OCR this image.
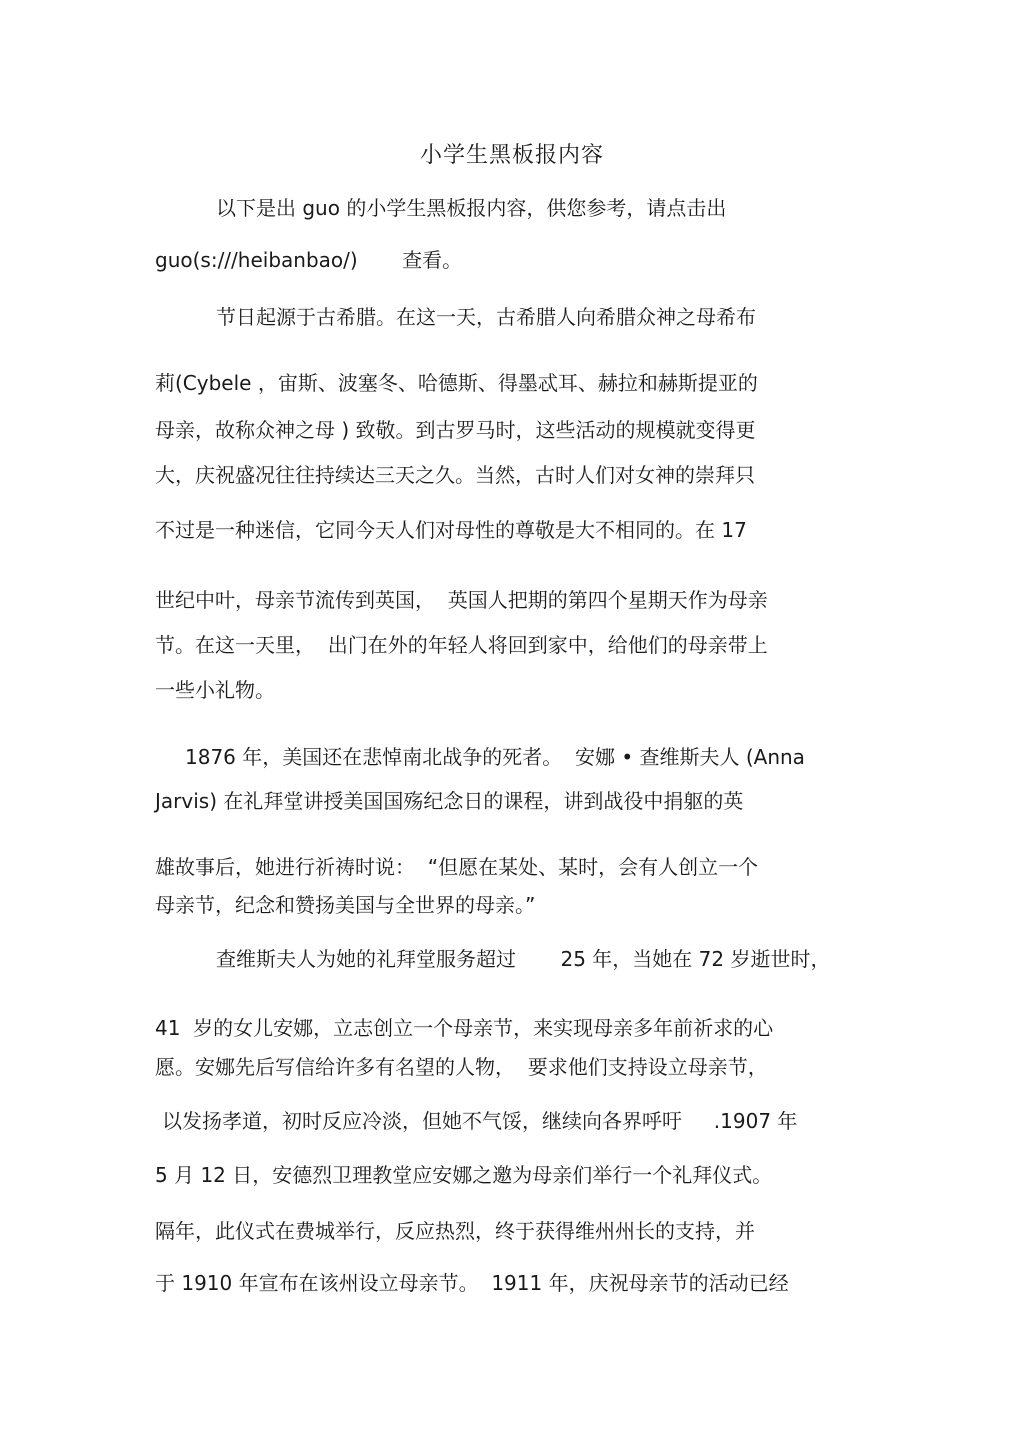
小学生黑板报内容
以下是出 guo 的小学生黑板报内容，供您参考，请点击出
guo(s:///heibanbao/)       查看。
节日起源于古希腊。在这一天，古希腊人向希腊众神之母希布
莉(Cybele ，宙斯、波塞冬、哈德斯、得墨忒耳、赫拉和赫斯提亚的
母亲，故称众神之母 ) 致敬。到古罗马时，这些活动的规模就变得更
大，庆祝盛况往往持续达三天之久。当然，古时人们对女神的崇拜只
不过是一种迷信，它同今天人们对母性的尊敬是大不相同的。在 17
世纪中叶，母亲节流传到英国，  英国人把期的第四个星期天作为母亲
节。在这一天里，  出门在外的年轻人将回到家中，给他们的母亲带上
一些小礼物。
1876 年，美国还在悲悼南北战争的死者。  安娜 • 查维斯夫人 (Anna
Jarvis) 在礼拜堂讲授美国国殇纪念日的课程，讲到战役中捐躯的英
雄故事后，她进行祈祷时说：  “但愿在某处、某时，会有人创立一个
母亲节，纪念和赞扬美国与全世界的母亲。”
查维斯夫人为她的礼拜堂服务超过       25 年，当她在 72 岁逝世时，
41  岁的女儿安娜，立志创立一个母亲节，来实现母亲多年前祈求的心
愿。安娜先后写信给许多有名望的人物，  要求他们支持设立母亲节，
以发扬孝道，初时反应冷淡，但她不气馁，继续向各界呼吁     .1907 年
5 月 12 日，安德烈卫理教堂应安娜之邀为母亲们举行一个礼拜仪式。
隔年，此仪式在费城举行，反应热烈，终于获得维州州长的支持，并
于 1910 年宣布在该州设立母亲节。  1911 年，庆祝母亲节的活动已经
